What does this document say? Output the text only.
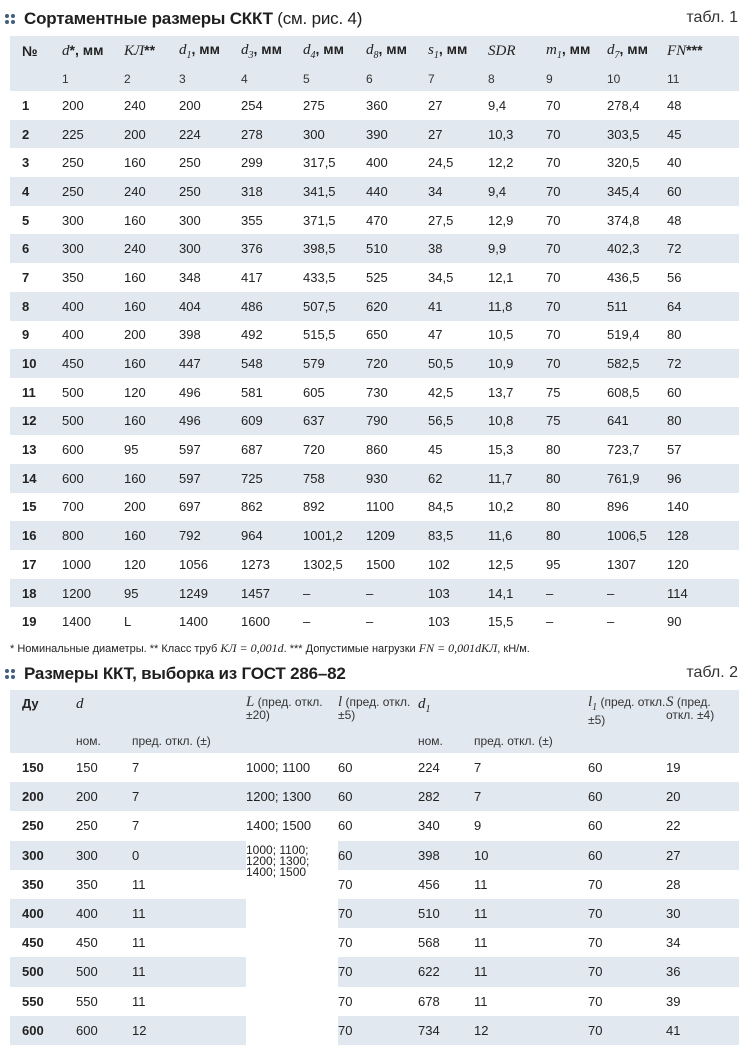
Сортаментные размеры СККТ (см. рис. 4)	табл. 1
№	d*, мм	КЛ**	$d_1$, мм	$d_3$, мм	$d_4$, мм	$d_8$, мм	$s_1$, мм	SDR	$m_1$, мм	$d_7$, мм	FN***
	1	2	3	4	5	6	7	8	9	10	11
1	200	240	200	254	275	360	27	9,4	70	278,4	48
2	225	200	224	278	300	390	27	10,3	70	303,5	45
3	250	160	250	299	317,5	400	24,5	12,2	70	320,5	40
4	250	240	250	318	341,5	440	34	9,4	70	345,4	60
5	300	160	300	355	371,5	470	27,5	12,9	70	374,8	48
6	300	240	300	376	398,5	510	38	9,9	70	402,3	72
7	350	160	348	417	433,5	525	34,5	12,1	70	436,5	56
8	400	160	404	486	507,5	620	41	11,8	70	511	64
9	400	200	398	492	515,5	650	47	10,5	70	519,4	80
10	450	160	447	548	579	720	50,5	10,9	70	582,5	72
11	500	120	496	581	605	730	42,5	13,7	75	608,5	60
12	500	160	496	609	637	790	56,5	10,8	75	641	80
13	600	95	597	687	720	860	45	15,3	80	723,7	57
14	600	160	597	725	758	930	62	11,7	80	761,9	96
15	700	200	697	862	892	1100	84,5	10,2	80	896	140
16	800	160	792	964	1001,2	1209	83,5	11,6	80	1006,5	128
17	1000	120	1056	1273	1302,5	1500	102	12,5	95	1307	120
18	1200	95	1249	1457	–	–	103	14,1	–	–	114
19	1400	L	1400	1600	–	–	103	15,5	–	–	90
* Номинальные диаметры. ** Класс труб КЛ = 0,001d. *** Допустимые нагрузки FN = 0,001dКЛ, кН/м.
Размеры ККТ, выборка из ГОСТ 286–82	табл. 2
Ду	d		L (пред. откл. ±20)	l (пред. откл. ±5)	$d_1$		$l_1$ (пред. откл. ±5)	S (пред. откл. ±4)
	ном.	пред. откл. (±)			ном.	пред. откл. (±)		
150	150	7	1000; 1100	60	224	7	60	19
200	200	7	1200; 1300	60	282	7	60	20
250	250	7	1400; 1500	60	340	9	60	22
300	300	0	1000; 1100; 1200; 1300; 1400; 1500	60	398	10	60	27
350	350	11		70	456	11	70	28
400	400	11		70	510	11	70	30
450	450	11		70	568	11	70	34
500	500	11		70	622	11	70	36
550	550	11		70	678	11	70	39
600	600	12		70	734	12	70	41
